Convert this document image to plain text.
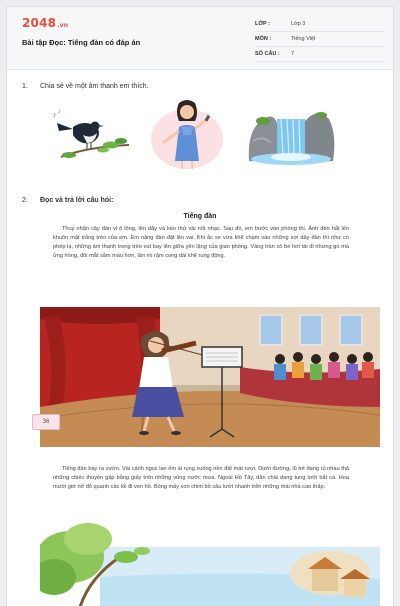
2048.vn
Bài tập Đọc: Tiếng đàn có đáp án
LỚP :	Lớp 3
MÔN :	Tiếng Việt
SỐ CÂU : 7
1. Chia sẻ về một âm thanh em thích.
♪
♪
2. Đọc và trả lời câu hỏi:
Tiếng đàn
Thuỷ nhận cây đàn vi ô lông, lên dây và kéo thử vài nốt nhạc. Sau đó, em bước vào phòng thi. Ánh đèn hắt lên khuôn mặt trắng trẻo của em. Em nâng đàn đặt lên vai. Khi ắc se vừa khẽ chạm vào những sợi dây đàn thì như có phép lạ, những âm thanh trong trẻo vút bay lên giữa yên lặng của gian phòng. Vầng trán cô bé hơi tái đi nhưng gò má ửng hồng, đôi mắt sẫm màu hơn, làn mi rậm cong dài khẽ rung động.
36
Tiếng đàn bay ra vườn. Vài cánh ngọc lan êm ái rụng xuống nền đất mát rượi. Dưới đường, lũ trẻ đang rủ nhau thả những chiếc thuyền gấp bằng giấy trên những vũng nước mưa. Ngoài Hồ Tây, dân chài đang tung lưới bắt cá. Hoa mười giờ nở đỏ quanh các lối đi ven hồ. Bóng mấy con chim bồ câu lướt nhanh trên những mái nhà cao thấp.
